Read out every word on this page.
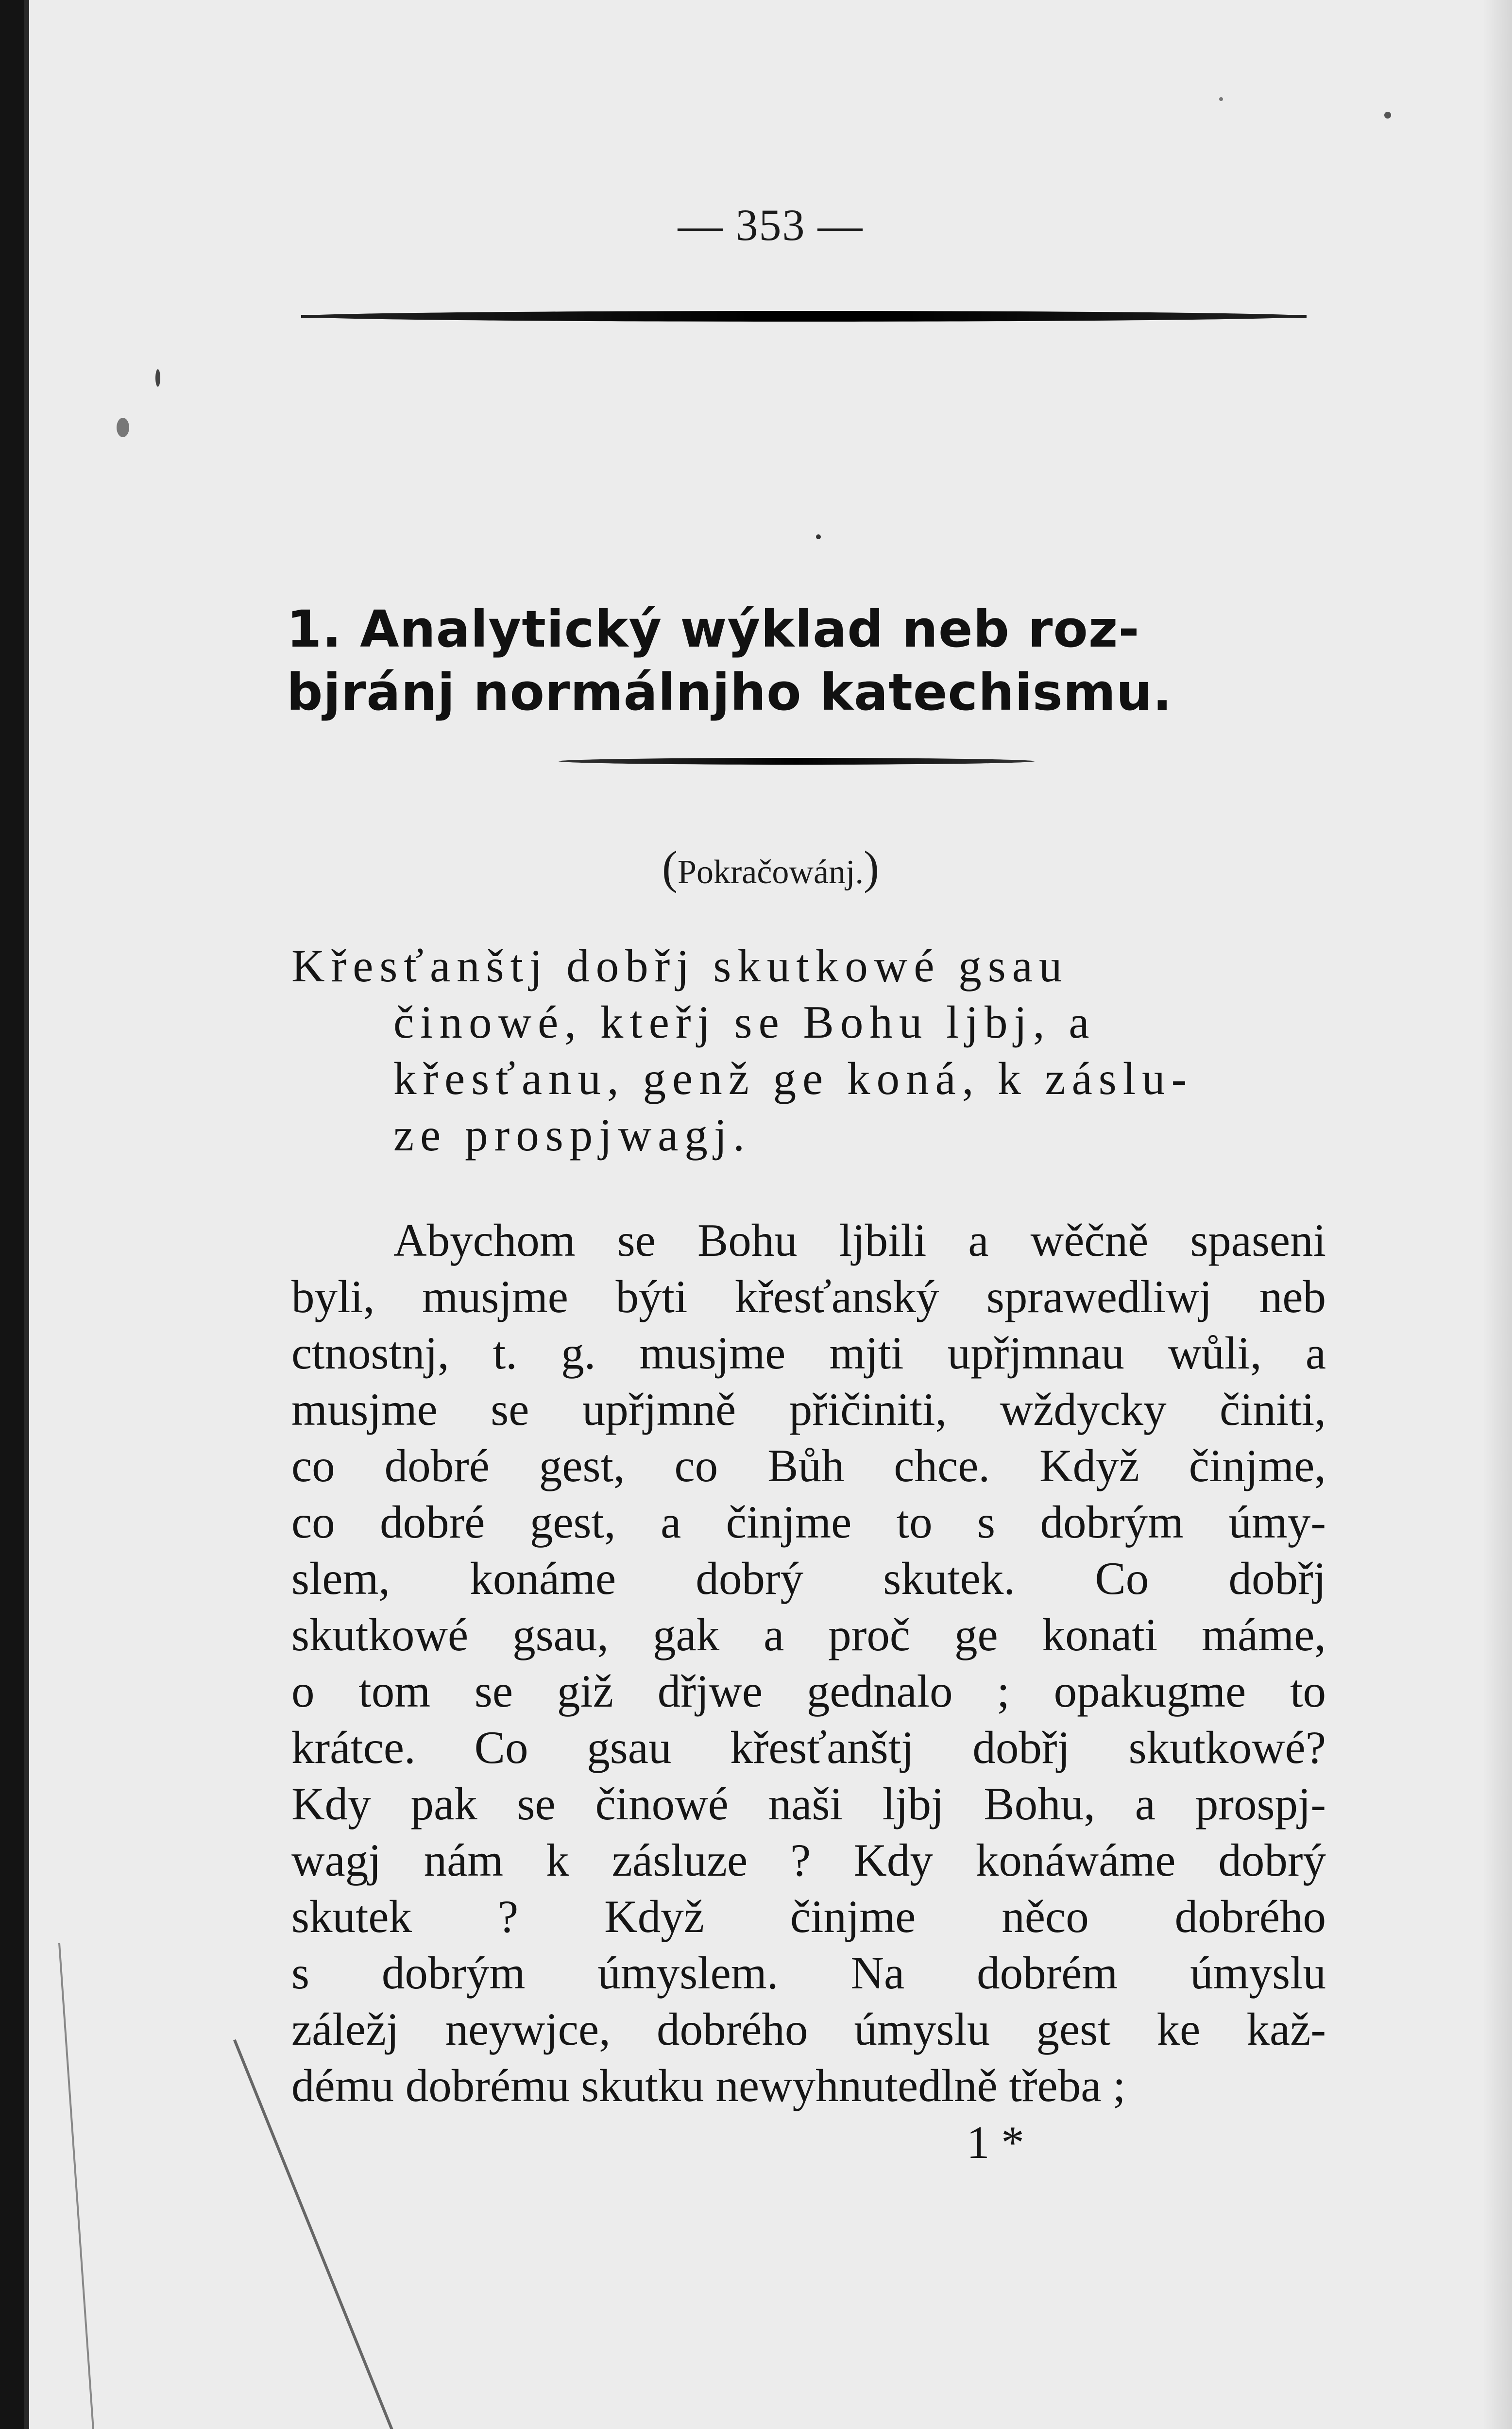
— 353 —
1. Analytický wýklad neb roz-
bjránj normálnjho katechismu.
(Pokračowánj.)
Křesťanštj dobřj skutkowé gsau
činowé, kteřj se Bohu ljbj, a
křesťanu, genž ge koná, k záslu-
ze prospjwagj.
Abychom se Bohu ljbili a wěčně spaseni
byli, musjme býti křesťanský sprawedliwj neb
ctnostnj, t. g. musjme mjti upřjmnau wůli, a
musjme se upřjmně přičiniti, wždycky činiti,
co dobré gest, co Bůh chce. Když činjme,
co dobré gest, a činjme to s dobrým úmy-
slem, konáme dobrý skutek. Co dobřj
skutkowé gsau, gak a proč ge konati máme,
o tom se giž dřjwe gednalo ; opakugme to
krátce. Co gsau křesťanštj dobřj skutkowé?
Kdy pak se činowé naši ljbj Bohu, a prospj-
wagj nám k zásluze ? Kdy konáwáme dobrý
skutek ? Když činjme něco dobrého
s dobrým úmyslem. Na dobrém úmyslu
záležj neywjce, dobrého úmyslu gest ke kaž-
dému dobrému skutku newyhnutedlně třeba ;
1 *
